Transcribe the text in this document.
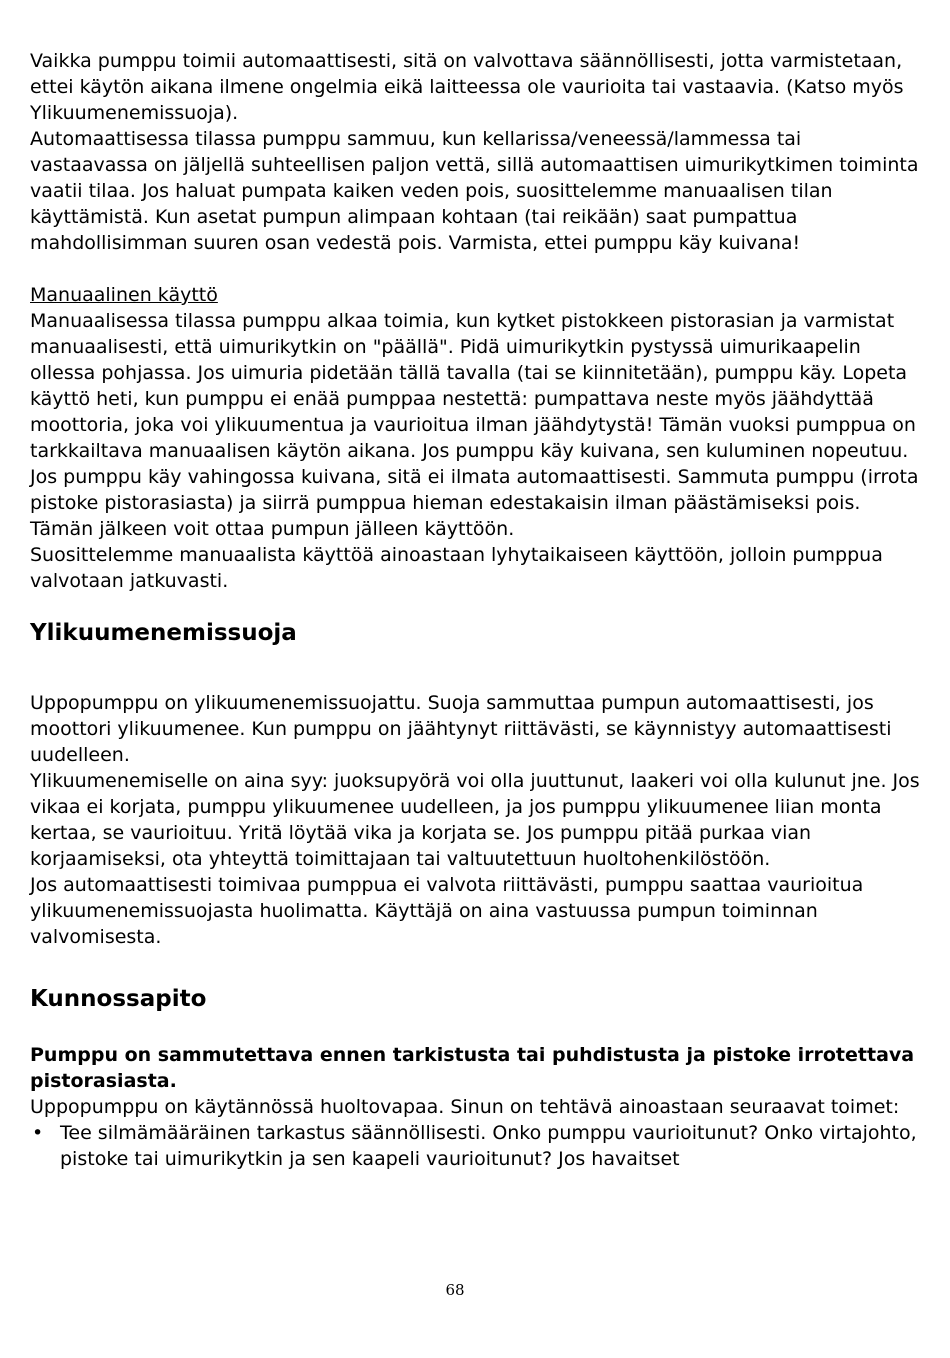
Vaikka pumppu toimii automaattisesti, sitä on valvottava säännöllisesti, jotta varmistetaan, ettei käytön aikana ilmene ongelmia eikä laitteessa ole vaurioita tai vastaavia. (Katso myös Ylikuumenemissuoja).

Automaattisessa tilassa pumppu sammuu, kun kellarissa/veneessä/lammessa tai vastaavassa on jäljellä suhteellisen paljon vettä, sillä automaattisen uimurikytkimen toiminta vaatii tilaa. Jos haluat pumpata kaiken veden pois, suosittelemme manuaalisen tilan käyttämistä. Kun asetat pumpun alimpaan kohtaan (tai reikään) saat pumpattua mahdollisimman suuren osan vedestä pois. Varmista, ettei pumppu käy kuivana!

Manuaalinen käyttö

Manuaalisessa tilassa pumppu alkaa toimia, kun kytket pistokkeen pistorasian ja varmistat manuaalisesti, että uimurikytkin on "päällä". Pidä uimurikytkin pystyssä uimurikaapelin ollessa pohjassa. Jos uimuria pidetään tällä tavalla (tai se kiinnitetään), pumppu käy. Lopeta käyttö heti, kun pumppu ei enää pumppaa nestettä: pumpattava neste myös jäähdyttää moottoria, joka voi ylikuumentua ja vaurioitua ilman jäähdytystä! Tämän vuoksi pumppua on tarkkailtava manuaalisen käytön aikana. Jos pumppu käy kuivana, sen kuluminen nopeutuu.

Jos pumppu käy vahingossa kuivana, sitä ei ilmata automaattisesti. Sammuta pumppu (irrota pistoke pistorasiasta) ja siirrä pumppua hieman edestakaisin ilman päästämiseksi pois. Tämän jälkeen voit ottaa pumpun jälleen käyttöön.

Suosittelemme manuaalista käyttöä ainoastaan lyhytaikaiseen käyttöön, jolloin pumppua valvotaan jatkuvasti.

Ylikuumenemissuoja

Uppopumppu on ylikuumenemissuojattu. Suoja sammuttaa pumpun automaattisesti, jos moottori ylikuumenee. Kun pumppu on jäähtynyt riittävästi, se käynnistyy automaattisesti uudelleen.

Ylikuumenemiselle on aina syy: juoksupyörä voi olla juuttunut, laakeri voi olla kulunut jne. Jos vikaa ei korjata, pumppu ylikuumenee uudelleen, ja jos pumppu ylikuumenee liian monta kertaa, se vaurioituu. Yritä löytää vika ja korjata se. Jos pumppu pitää purkaa vian korjaamiseksi, ota yhteyttä toimittajaan tai valtuutettuun huoltohenkilöstöön.

Jos automaattisesti toimivaa pumppua ei valvota riittävästi, pumppu saattaa vaurioitua ylikuumenemissuojasta huolimatta. Käyttäjä on aina vastuussa pumpun toiminnan valvomisesta.

Kunnossapito

Pumppu on sammutettava ennen tarkistusta tai puhdistusta ja pistoke irrotettava pistorasiasta.

Uppopumppu on käytännössä huoltovapaa. Sinun on tehtävä ainoastaan seuraavat toimet:

• Tee silmämääräinen tarkastus säännöllisesti. Onko pumppu vaurioitunut? Onko virtajohto, pistoke tai uimurikytkin ja sen kaapeli vaurioitunut? Jos havaitset
68
